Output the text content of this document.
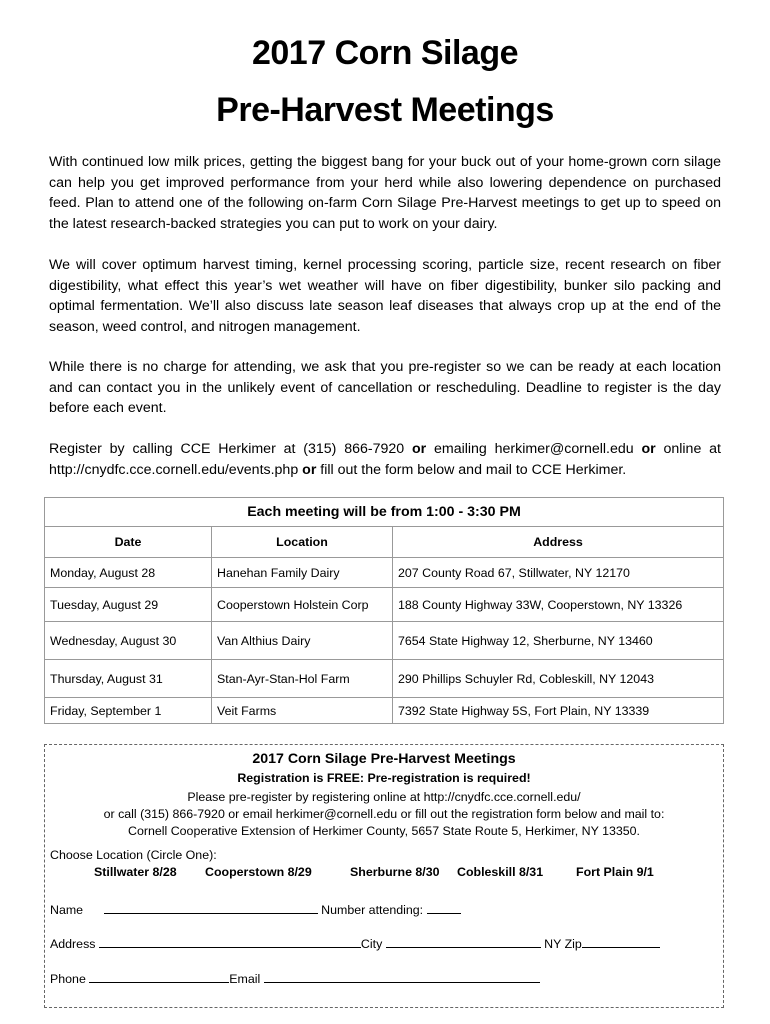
2017 Corn Silage
Pre-Harvest Meetings

With continued low milk prices, getting the biggest bang for your buck out of your home-grown corn silage can help you get improved performance from your herd while also lowering dependence on purchased feed. Plan to attend one of the following on-farm Corn Silage Pre-Harvest meetings to get up to speed on the latest research-backed strategies you can put to work on your dairy.

We will cover optimum harvest timing, kernel processing scoring, particle size, recent research on fiber digestibility, what effect this year’s wet weather will have on fiber digestibility, bunker silo packing and optimal fermentation. We’ll also discuss late season leaf diseases that always crop up at the end of the season, weed control, and nitrogen management.

While there is no charge for attending, we ask that you pre-register so we can be ready at each location and can contact you in the unlikely event of cancellation or rescheduling. Deadline to register is the day before each event.

Register by calling CCE Herkimer at (315) 866-7920 or emailing herkimer@cornell.edu or online at http://cnydfc.cce.cornell.edu/events.php or fill out the form below and mail to CCE Herkimer.

Each meeting will be from 1:00 - 3:30 PM		
Date	Location	Address
Monday, August 28	Hanehan Family Dairy	207 County Road 67, Stillwater, NY 12170
Tuesday, August 29	Cooperstown Holstein Corp	188 County Highway 33W, Cooperstown, NY 13326
Wednesday, August 30	Van Althius Dairy	7654 State Highway 12, Sherburne, NY 13460
Thursday, August 31	Stan-Ayr-Stan-Hol Farm	290 Phillips Schuyler Rd, Cobleskill, NY 12043
Friday, September 1	Veit Farms	7392 State Highway 5S, Fort Plain, NY 13339
2017 Corn Silage Pre-Harvest Meetings
Registration is FREE: Pre-registration is required!
Please pre-register by registering online at http://cnydfc.cce.cornell.edu/
or call (315) 866-7920 or email herkimer@cornell.edu or fill out the registration form below and mail to:
Cornell Cooperative Extension of Herkimer County, 5657 State Route 5, Herkimer, NY 13350.
Choose Location (Circle One):
Stillwater 8/28 Cooperstown 8/29	Sherburne 8/30 Cobleskill 8/31	Fort Plain 9/1
Name	Number attending:
Address	City	NY Zip
Phone	Email
